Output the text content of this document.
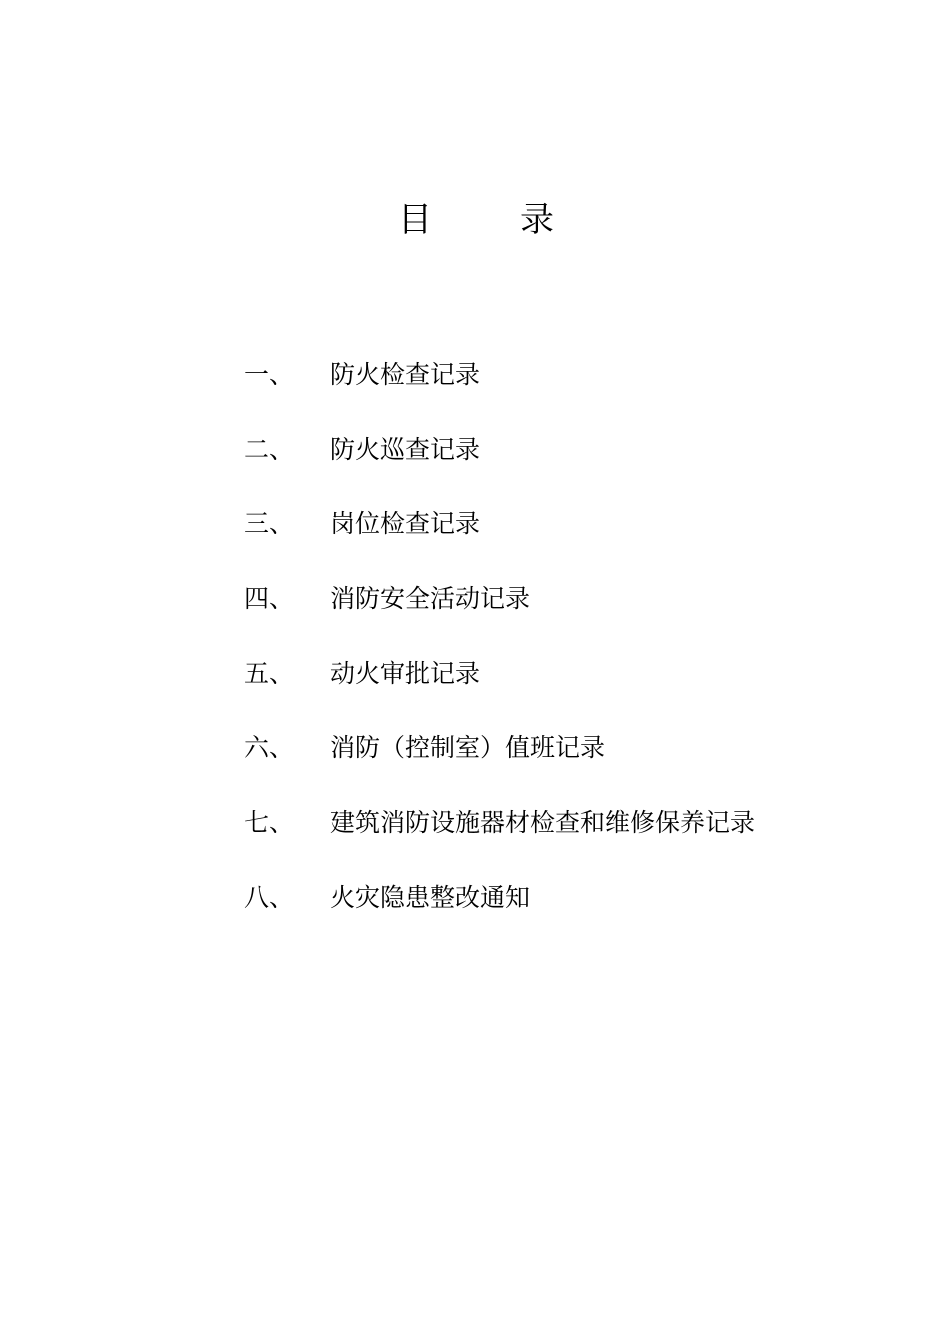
目	录
一、	防火检查记录
二、	防火巡查记录
三、	岗位检查记录
四、	消防安全活动记录
五、	动火审批记录
六、	消防（控制室）值班记录
七、	建筑消防设施器材检查和维修保养记录
八、	火灾隐患整改通知
